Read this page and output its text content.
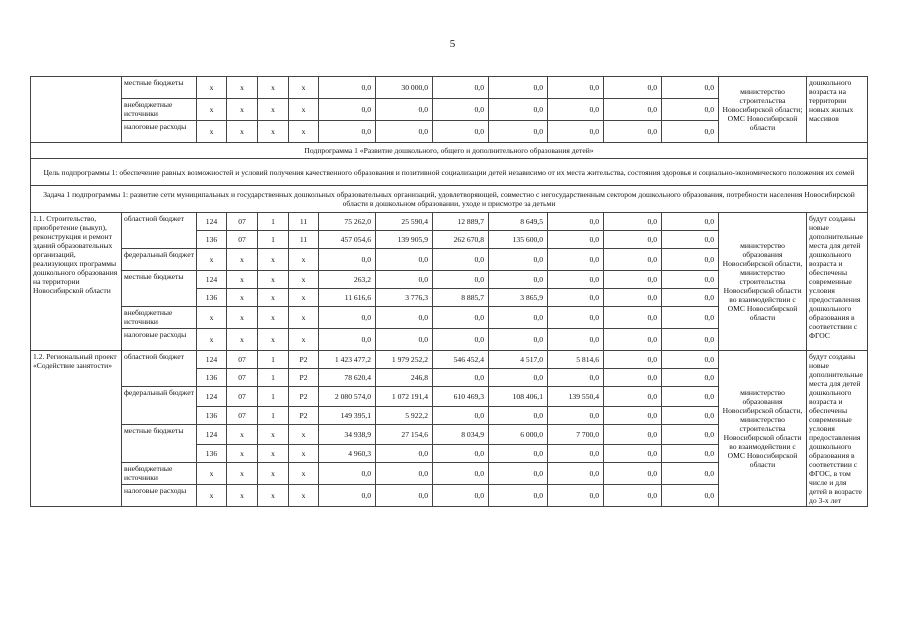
5
	местные бюджеты	x	x	x	x	0,0	30 000,0	0,0	0,0	0,0	0,0	0,0	министерство строительства Новосибирской области; ОМС Новосибирской области	дошкольного возраста на территории новых жилых массивов
	внебюджетные источники	x	x	x	x	0,0	0,0	0,0	0,0	0,0	0,0	0,0		
	налоговые расходы	x	x	x	x	0,0	0,0	0,0	0,0	0,0	0,0	0,0		
Подпрограмма 1 «Развитие дошкольного, общего и дополнительного образования детей»														
Цель подпрограммы 1: обеспечение равных возможностей и условий получения качественного образования и позитивной социализации детей независимо от их места жительства, состояния здоровья и социально-экономического положения их семей														
Задача 1 подпрограммы 1: развитие сети муниципальных и государственных дошкольных образовательных организаций, удовлетворяющей, совместно с негосударственным сектором дошкольного образования, потребности населения Новосибирской области в дошкольном образовании, уходе и присмотре за детьми														
1.1. Строительство, приобретение (выкуп), реконструкция и ремонт зданий образовательных организаций, реализующих программы дошкольного образования на территории Новосибирской области	областной бюджет	124	07	1	11	75 262,0	25 590,4	12 889,7	8 649,5	0,0	0,0	0,0	министерство образования Новосибирской области, министерство строительства Новосибирской области во взаимодействии с ОМС Новосибирской области	будут созданы новые дополнительные места для детей дошкольного возраста и обеспечены современные условия предоставления дошкольного образования в соответствии с ФГОС
		136	07	1	11	457 054,6	139 905,9	262 670,8	135 600,0	0,0	0,0	0,0		
	федеральный бюджет	x	x	x	x	0,0	0,0	0,0	0,0	0,0	0,0	0,0		
	местные бюджеты	124	x	x	x	263,2	0,0	0,0	0,0	0,0	0,0	0,0		
		136	x	x	x	11 616,6	3 776,3	8 885,7	3 865,9	0,0	0,0	0,0		
	внебюджетные источники	x	x	x	x	0,0	0,0	0,0	0,0	0,0	0,0	0,0		
	налоговые расходы	x	x	x	x	0,0	0,0	0,0	0,0	0,0	0,0	0,0		
1.2. Региональный проект «Содействие занятости»	областной бюджет	124	07	1	P2	1 423 477,2	1 979 252,2	546 452,4	4 517,0	5 814,6	0,0	0,0	министерство образования Новосибирской области, министерство строительства Новосибирской области во взаимодействии с ОМС Новосибирской области	будут созданы новые дополнительные места для детей дошкольного возраста и обеспечены современные условия предоставления дошкольного образования в соответствии с ФГОС, в том числе и для детей в возрасте до 3-х лет
		136	07	1	P2	78 620,4	246,8	0,0	0,0	0,0	0,0	0,0		
	федеральный бюджет	124	07	1	P2	2 080 574,0	1 072 191,4	610 469,3	108 406,1	139 550,4	0,0	0,0		
		136	07	1	P2	149 395,1	5 922,2	0,0	0,0	0,0	0,0	0,0		
	местные бюджеты	124	x	x	x	34 938,9	27 154,6	8 034,9	6 000,0	7 700,0	0,0	0,0		
		136	x	x	x	4 960,3	0,0	0,0	0,0	0,0	0,0	0,0		
	внебюджетные источники	x	x	x	x	0,0	0,0	0,0	0,0	0,0	0,0	0,0		
	налоговые расходы	x	x	x	x	0,0	0,0	0,0	0,0	0,0	0,0	0,0		
